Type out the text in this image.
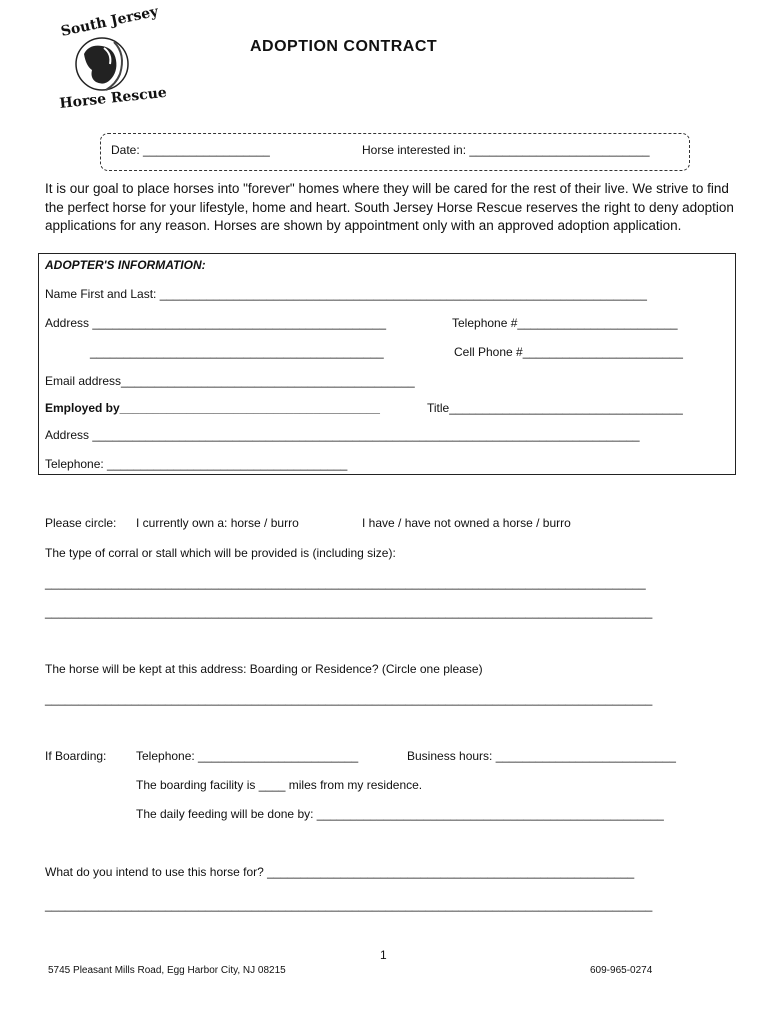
South Jersey
Horse Rescue
ADOPTION CONTRACT
Date: ___________________	Horse interested in: ___________________________
It is our goal to place horses into "forever" homes where they will be cared for the rest of their live. We strive to find the perfect horse for your lifestyle, home and heart. South Jersey Horse Rescue reserves the right to deny adoption applications for any reason. Horses are shown by appointment only with an approved adoption application.
ADOPTER'S INFORMATION:
Name First and Last: _________________________________________________________________________
Address ____________________________________________	Telephone #________________________
____________________________________________	Cell Phone #________________________
Email address____________________________________________
Employed by_______________________________________	Title___________________________________
Address __________________________________________________________________________________
Telephone: ____________________________________
Please circle: I currently own a: horse / burro	I have / have not owned a horse / burro
The type of corral or stall which will be provided is (including size):
__________________________________________________________________________________________
___________________________________________________________________________________________
The horse will be kept at this address: Boarding or Residence? (Circle one please)
___________________________________________________________________________________________
If Boarding: Telephone: ________________________	Business hours: ___________________________
The boarding facility is ____ miles from my residence.
The daily feeding will be done by: ____________________________________________________
What do you intend to use this horse for? _______________________________________________________
___________________________________________________________________________________________
1
5745 Pleasant Mills Road, Egg Harbor City, NJ 08215	609-965-0274
